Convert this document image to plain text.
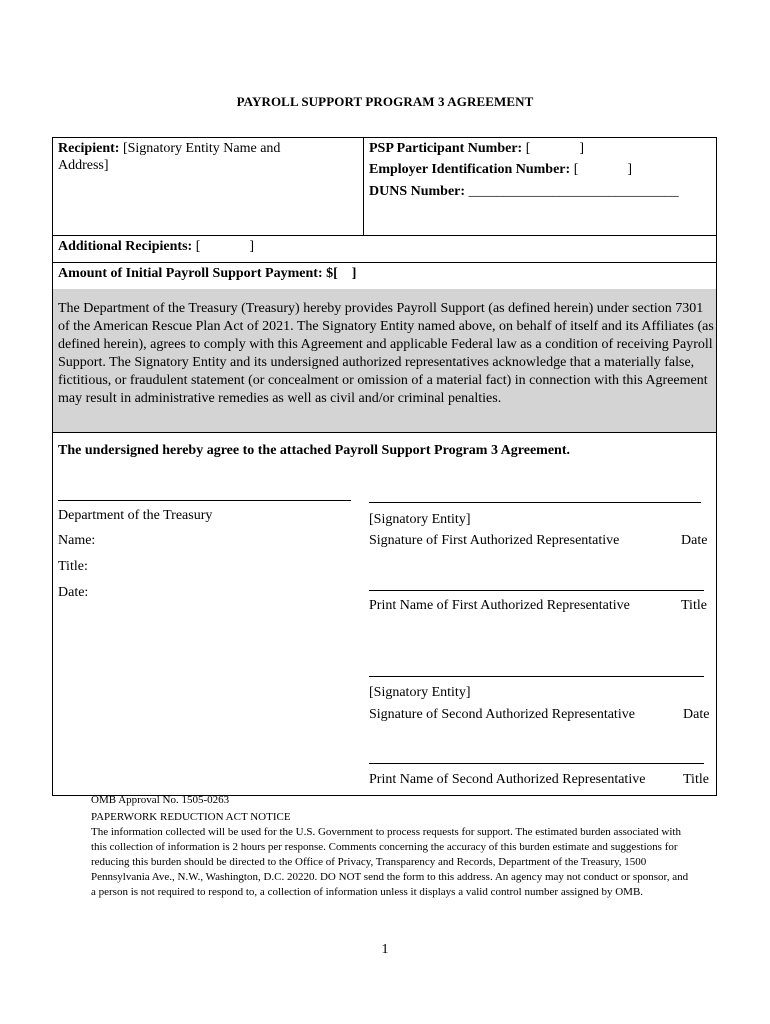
PAYROLL SUPPORT PROGRAM 3 AGREEMENT
Recipient: [Signatory Entity Name and
Address]
PSP Participant Number: [              ]
Employer Identification Number: [              ]
DUNS Number: ______________________________
Additional Recipients: [              ]
Amount of Initial Payroll Support Payment: $[    ]
The Department of the Treasury (Treasury) hereby provides Payroll Support (as defined herein) under section 7301 of the American Rescue Plan Act of 2021. The Signatory Entity named above, on behalf of itself and its Affiliates (as defined herein), agrees to comply with this Agreement and applicable Federal law as a condition of receiving Payroll Support. The Signatory Entity and its undersigned authorized representatives acknowledge that a materially false, fictitious, or fraudulent statement (or concealment or omission of a material fact) in connection with this Agreement may result in administrative remedies as well as civil and/or criminal penalties.
The undersigned hereby agree to the attached Payroll Support Program 3 Agreement.
Department of the Treasury
Name:
Title:
Date:
[Signatory Entity]
Signature of First Authorized Representative	Date
Print Name of First Authorized Representative	Title
[Signatory Entity]
Signature of Second Authorized Representative	Date
Print Name of Second Authorized Representative	Title
OMB Approval No. 1505-0263
PAPERWORK REDUCTION ACT NOTICE
The information collected will be used for the U.S. Government to process requests for support. The estimated burden associated with this collection of information is 2 hours per response. Comments concerning the accuracy of this burden estimate and suggestions for reducing this burden should be directed to the Office of Privacy, Transparency and Records, Department of the Treasury, 1500 Pennsylvania Ave., N.W., Washington, D.C. 20220. DO NOT send the form to this address. An agency may not conduct or sponsor, and a person is not required to respond to, a collection of information unless it displays a valid control number assigned by OMB.
1
